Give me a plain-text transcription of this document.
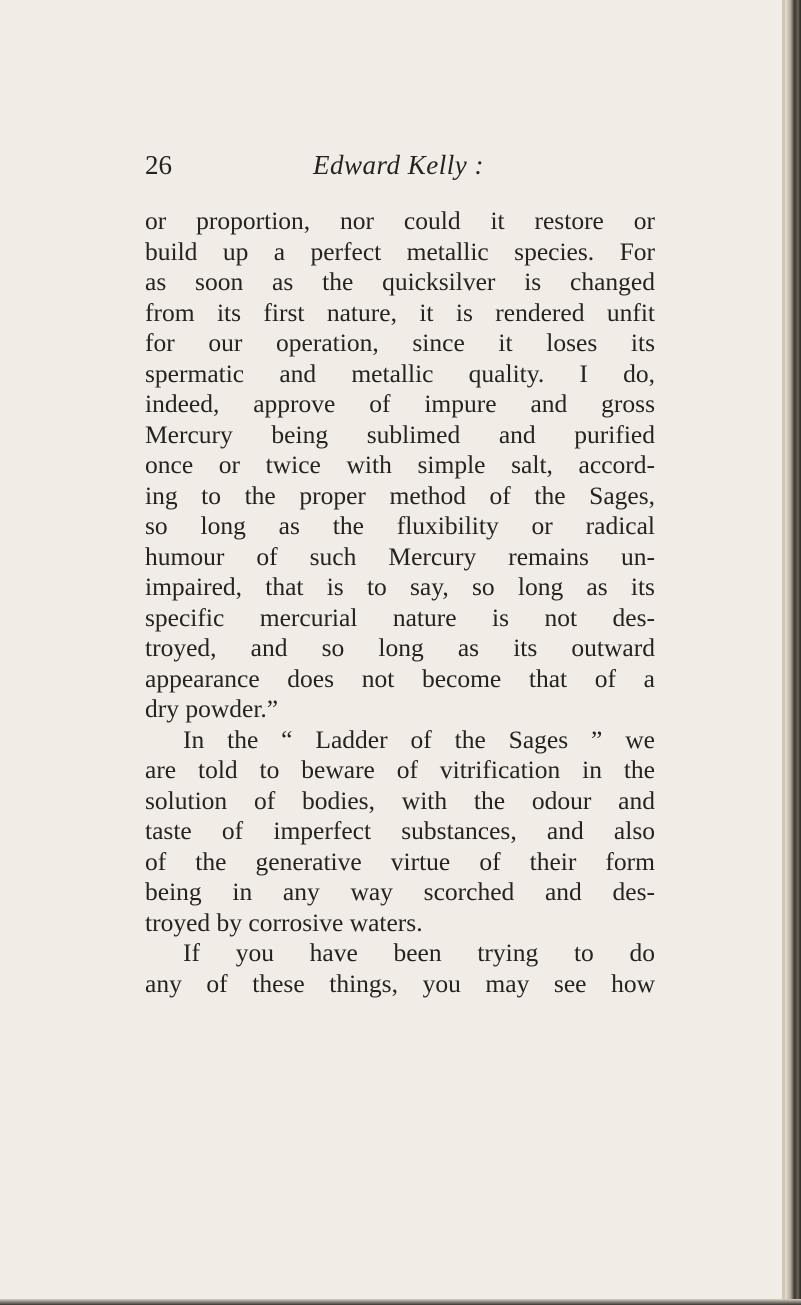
26	Edward Kelly :
or proportion, nor could it restore or
build up a perfect metallic species. For
as soon as the quicksilver is changed
from its first nature, it is rendered unfit
for our operation, since it loses its
spermatic and metallic quality. I do,
indeed, approve of impure and gross
Mercury being sublimed and purified
once or twice with simple salt, accord-
ing to the proper method of the Sages,
so long as the fluxibility or radical
humour of such Mercury remains un-
impaired, that is to say, so long as its
specific mercurial nature is not des-
troyed, and so long as its outward
appearance does not become that of a
dry powder.”
In the “ Ladder of the Sages ” we
are told to beware of vitrification in the
solution of bodies, with the odour and
taste of imperfect substances, and also
of the generative virtue of their form
being in any way scorched and des-
troyed by corrosive waters.
If you have been trying to do
any of these things, you may see how
